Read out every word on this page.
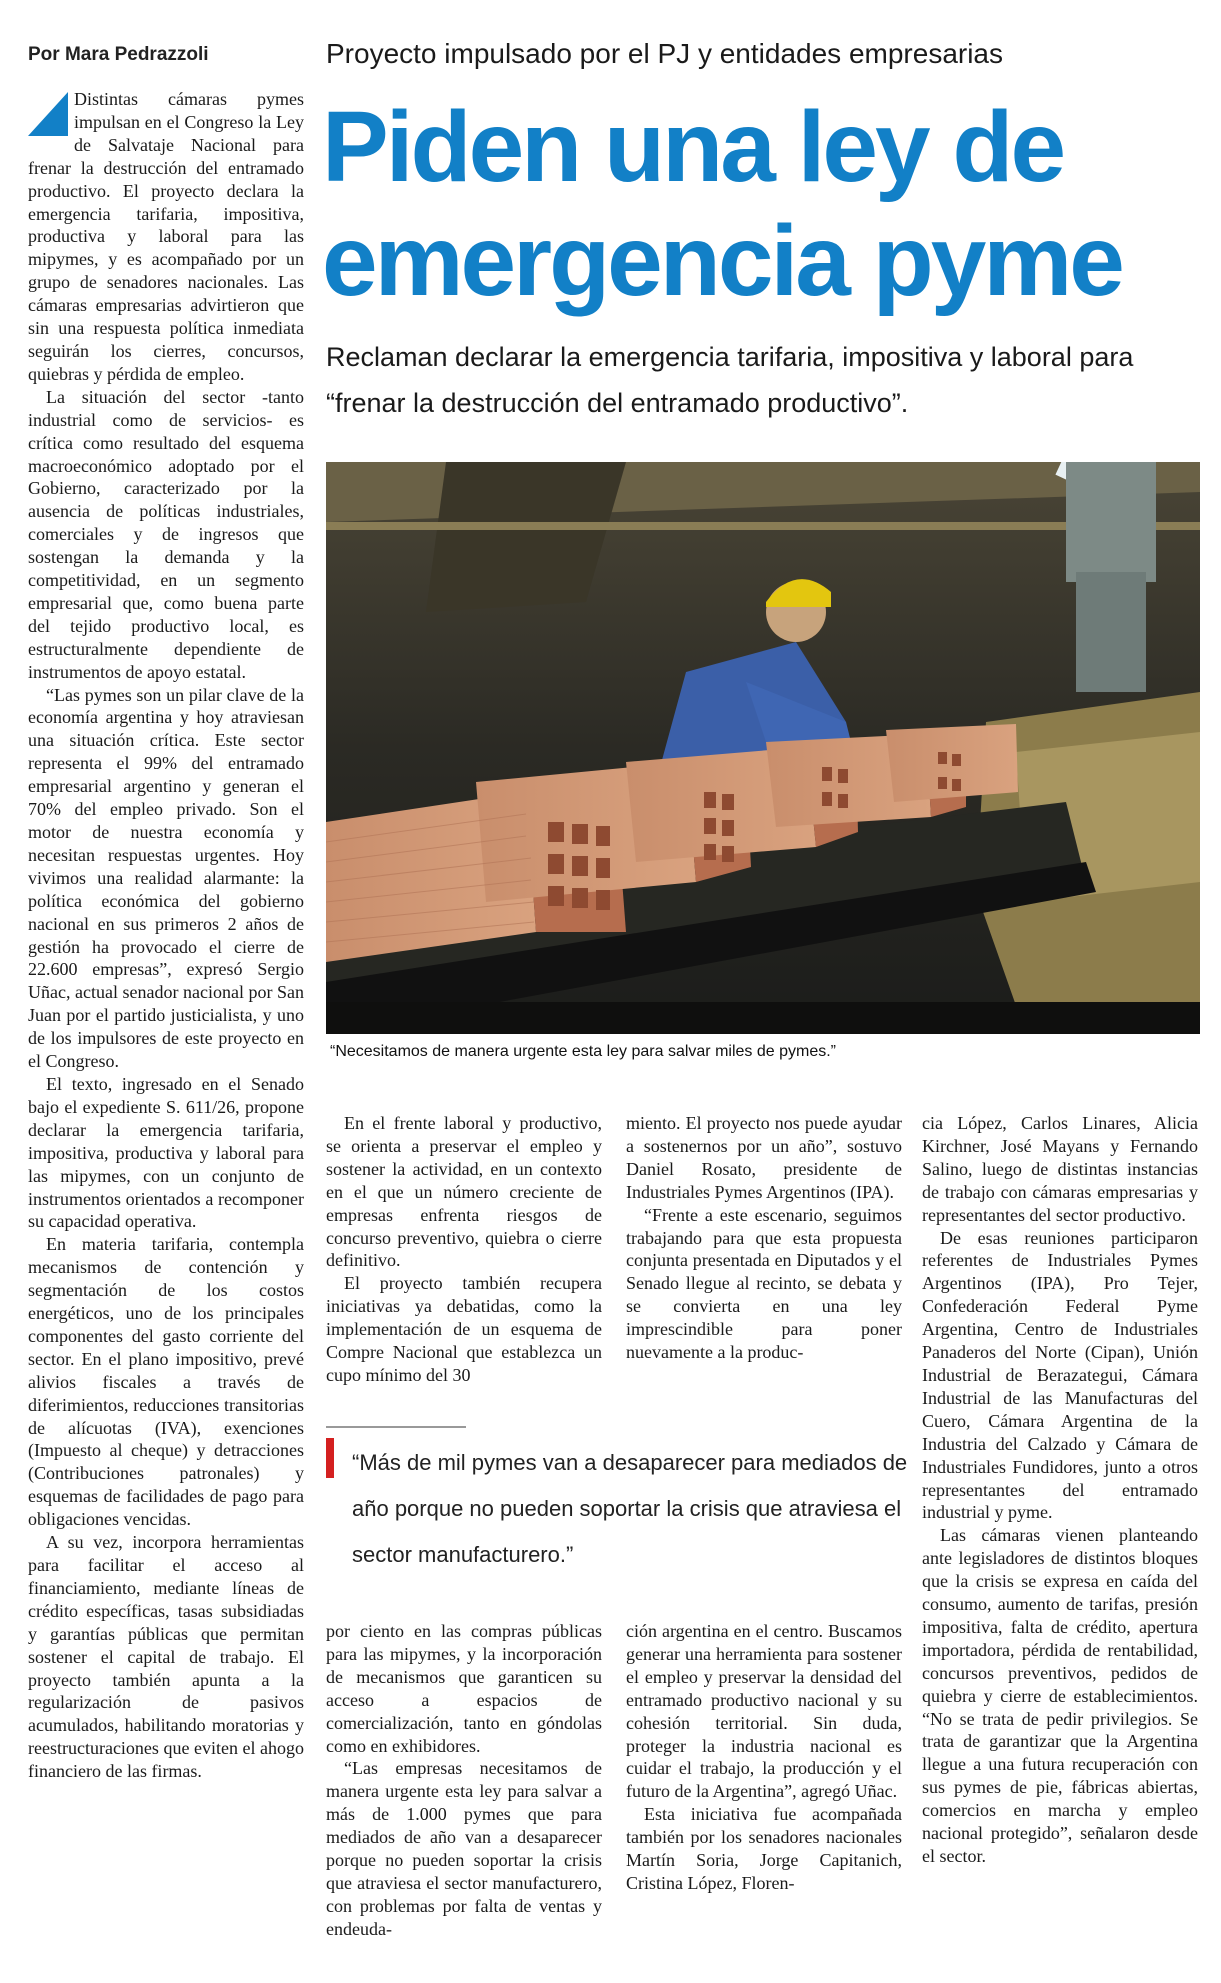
Por Mara Pedrazzoli	Proyecto impulsado por el PJ y entidades empresarias
Piden una ley de emergencia pyme
Reclaman declarar la emergencia tarifaria, impositiva y laboral para “frenar la destrucción del entramado productivo”.
“Necesitamos de manera urgente esta ley para salvar miles de pymes.”

Distintas cámaras pymes impulsan en el Congreso la Ley de Salvataje Nacional para frenar la destrucción del entramado productivo. El proyecto declara la emergencia tarifaria, impositiva, productiva y laboral para las mipymes, y es acompañado por un grupo de senadores nacionales. Las cámaras empresarias advirtieron que sin una respuesta política inmediata seguirán los cierres, concursos, quiebras y pérdida de empleo.

La situación del sector -tanto industrial como de servicios- es crítica como resultado del esquema macroeconómico adoptado por el Gobierno, caracterizado por la ausencia de políticas industriales, comerciales y de ingresos que sostengan la demanda y la competitividad, en un segmento empresarial que, como buena parte del tejido productivo local, es estructuralmente dependiente de instrumentos de apoyo estatal.

“Las pymes son un pilar clave de la economía argentina y hoy atraviesan una situación crítica. Este sector representa el 99% del entramado empresarial argentino y generan el 70% del empleo privado. Son el motor de nuestra economía y necesitan respuestas urgentes. Hoy vivimos una realidad alarmante: la política económica del gobierno nacional en sus primeros 2 años de gestión ha provocado el cierre de 22.600 empresas”, expresó Sergio Uñac, actual senador nacional por San Juan por el partido justicialista, y uno de los impulsores de este proyecto en el Congreso.

El texto, ingresado en el Senado bajo el expediente S. 611/26, propone declarar la emergencia tarifaria, impositiva, productiva y laboral para las mipymes, con un conjunto de instrumentos orientados a recomponer su capacidad operativa.

En materia tarifaria, contempla mecanismos de contención y segmentación de los costos energéticos, uno de los principales componentes del gasto corriente del sector. En el plano impositivo, prevé alivios fiscales a través de diferimientos, reducciones transitorias de alícuotas (IVA), exenciones (Impuesto al cheque) y detracciones (Contribuciones patronales) y esquemas de facilidades de pago para obligaciones vencidas.

A su vez, incorpora herramientas para facilitar el acceso al financiamiento, mediante líneas de crédito específicas, tasas subsidiadas y garantías públicas que permitan sostener el capital de trabajo. El proyecto también apunta a la regularización de pasivos acumulados, habilitando moratorias y reestructuraciones que eviten el ahogo financiero de las firmas.

En el frente laboral y productivo, se orienta a preservar el empleo y sostener la actividad, en un contexto en el que un número creciente de empresas enfrenta riesgos de concurso preventivo, quiebra o cierre definitivo.

El proyecto también recupera iniciativas ya debatidas, como la implementación de un esquema de Compre Nacional que establezca un cupo mínimo del 30

miento. El proyecto nos puede ayudar a sostenernos por un año”, sostuvo Daniel Rosato, presidente de Industriales Pymes Argentinos (IPA).

“Frente a este escenario, seguimos trabajando para que esta propuesta conjunta presentada en Diputados y el Senado llegue al recinto, se debata y se convierta en una ley imprescindible para poner nuevamente a la produc-

cia López, Carlos Linares, Alicia Kirchner, José Mayans y Fernando Salino, luego de distintas instancias de trabajo con cámaras empresarias y representantes del sector productivo.

De esas reuniones participaron referentes de Industriales Pymes Argentinos (IPA), Pro Tejer, Confederación Federal Pyme Argentina, Centro de Industriales Panaderos del Norte (Cipan), Unión Industrial de Berazategui, Cámara Industrial de las Manufacturas del Cuero, Cámara Argentina de la Industria del Calzado y Cámara de Industriales Fundidores, junto a otros representantes del entramado industrial y pyme.

Las cámaras vienen planteando ante legisladores de distintos bloques que la crisis se expresa en caída del consumo, aumento de tarifas, presión impositiva, falta de crédito, apertura importadora, pérdida de rentabilidad, concursos preventivos, pedidos de quiebra y cierre de establecimientos. “No se trata de pedir privilegios. Se trata de garantizar que la Argentina llegue a una futura recuperación con sus pymes de pie, fábricas abiertas, comercios en marcha y empleo nacional protegido”, señalaron desde el sector.

“Más de mil pymes van a desaparecer para mediados de año porque no pueden soportar la crisis que atraviesa el sector manufacturero.”

por ciento en las compras públicas para las mipymes, y la incorporación de mecanismos que garanticen su acceso a espacios de comercialización, tanto en góndolas como en exhibidores.

“Las empresas necesitamos de manera urgente esta ley para salvar a más de 1.000 pymes que para mediados de año van a desaparecer porque no pueden soportar la crisis que atraviesa el sector manufacturero, con problemas por falta de ventas y endeuda-

ción argentina en el centro. Buscamos generar una herramienta para sostener el empleo y preservar la densidad del entramado productivo nacional y su cohesión territorial. Sin duda, proteger la industria nacional es cuidar el trabajo, la producción y el futuro de la Argentina”, agregó Uñac.

Esta iniciativa fue acompañada también por los senadores nacionales Martín Soria, Jorge Capitanich, Cristina López, Floren-
